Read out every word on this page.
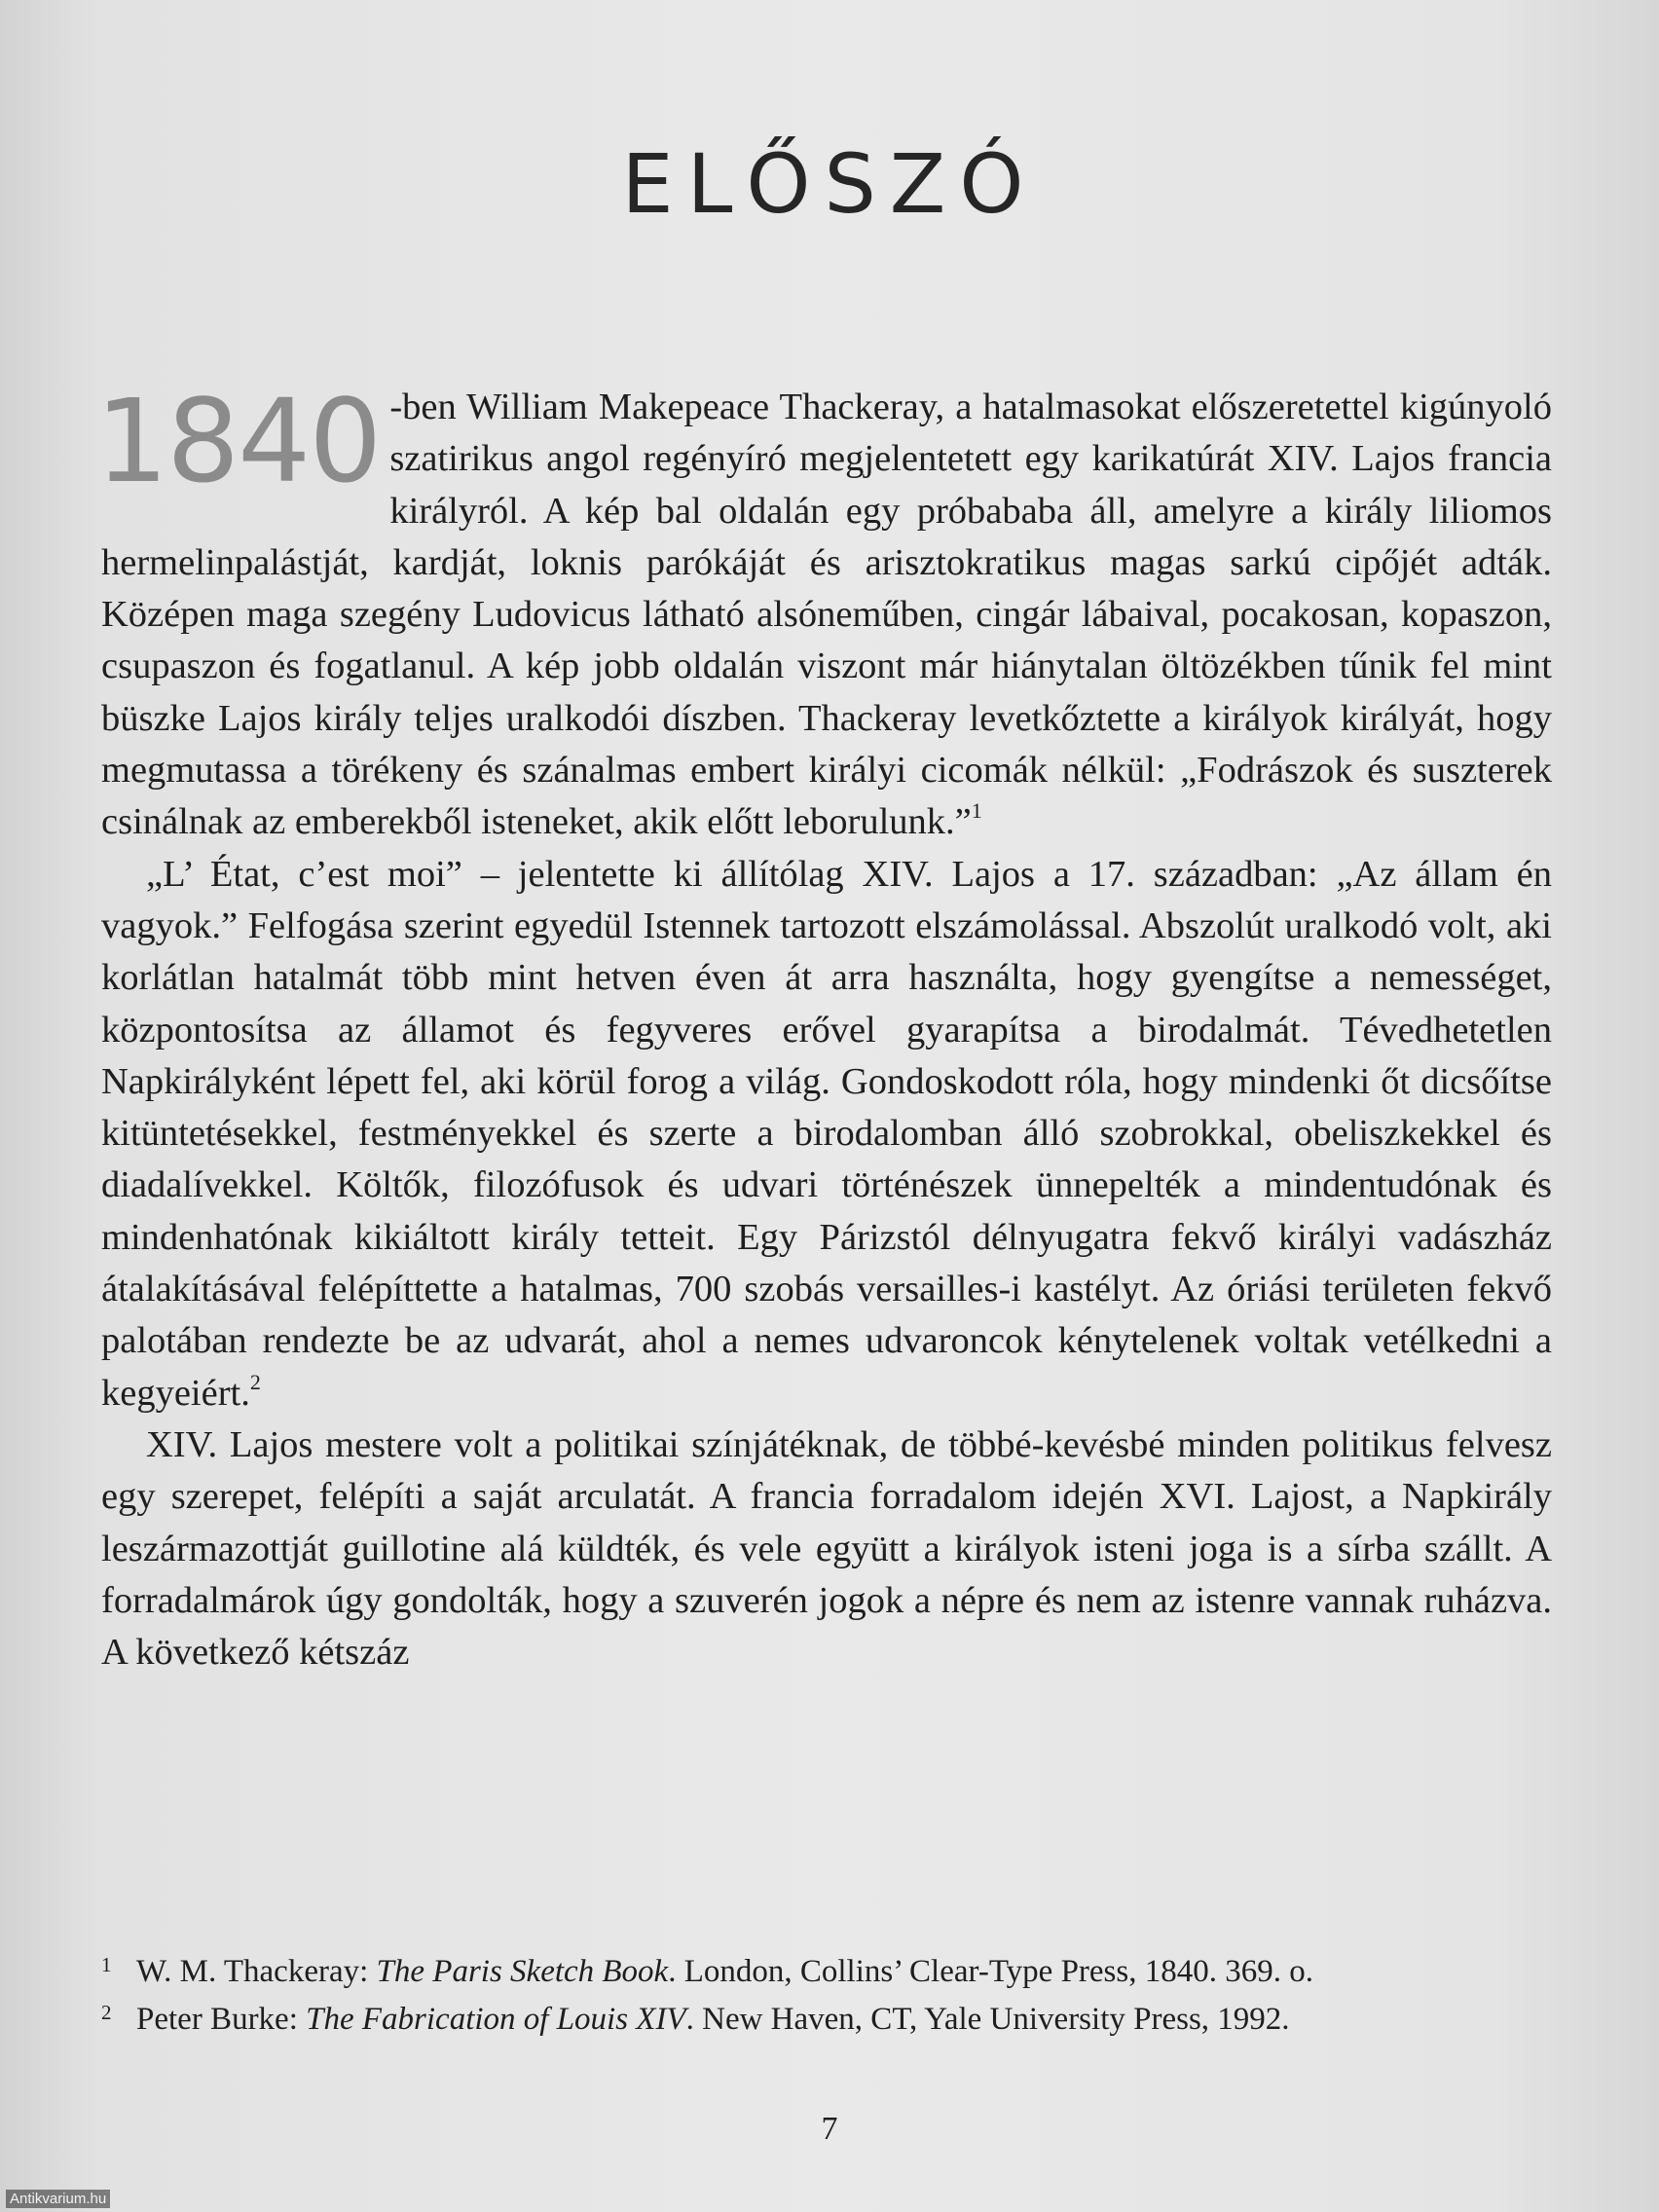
ELŐSZÓ

1840 -ben William Makepeace Thackeray, a hatalmasokat előszeretettel kigúnyoló szatirikus angol regényíró megjelentetett egy karikatúrát XIV. Lajos francia királyról. A kép bal oldalán egy próbababa áll, amelyre a király liliomos hermelinpalástját, kardját, loknis parókáját és arisztokratikus magas sarkú cipőjét adták. Középen maga szegény Ludovicus látható alsóneműben, cingár lábaival, pocakosan, kopaszon, csupaszon és fogatlanul. A kép jobb oldalán viszont már hiánytalan öltözékben tűnik fel mint büszke Lajos király teljes uralkodói díszben. Thackeray levetkőztette a királyok királyát, hogy megmutassa a törékeny és szánalmas embert királyi cicomák nélkül: „Fodrászok és suszterek csinálnak az emberekből isteneket, akik előtt leborulunk.”$^1$

„L’ État, c’est moi” – jelentette ki állítólag XIV. Lajos a 17. században: „Az állam én vagyok.” Felfogása szerint egyedül Istennek tartozott elszámolással. Abszolút uralkodó volt, aki korlátlan hatalmát több mint hetven éven át arra használta, hogy gyengítse a nemességet, központosítsa az államot és fegyveres erővel gyarapítsa a birodalmát. Tévedhetetlen Napkirályként lépett fel, aki körül forog a világ. Gondoskodott róla, hogy mindenki őt dicsőítse kitüntetésekkel, festményekkel és szerte a birodalomban álló szobrokkal, obeliszkekkel és diadalívekkel. Költők, filozófusok és udvari történészek ünnepelték a mindentudónak és mindenhatónak kikiáltott király tetteit. Egy Párizstól délnyugatra fekvő királyi vadászház átalakításával felépíttette a hatalmas, 700 szobás versailles-i kastélyt. Az óriási területen fekvő palotában rendezte be az udvarát, ahol a nemes udvaroncok kénytelenek voltak vetélkedni a kegyeiért.$^2$

XIV. Lajos mestere volt a politikai színjátéknak, de többé-kevésbé minden politikus felvesz egy szerepet, felépíti a saját arculatát. A francia forradalom idején XVI. Lajost, a Napkirály leszármazottját guillotine alá küldték, és vele együtt a királyok isteni joga is a sírba szállt. A forradalmárok úgy gondolták, hogy a szuverén jogok a népre és nem az istenre vannak ruházva. A következő kétszáz

1 W. M. Thackeray: The Paris Sketch Book. London, Collins’ Clear-Type Press, 1840. 369. o.
2 Peter Burke: The Fabrication of Louis XIV. New Haven, CT, Yale University Press, 1992.
7
Antikvarium.hu
